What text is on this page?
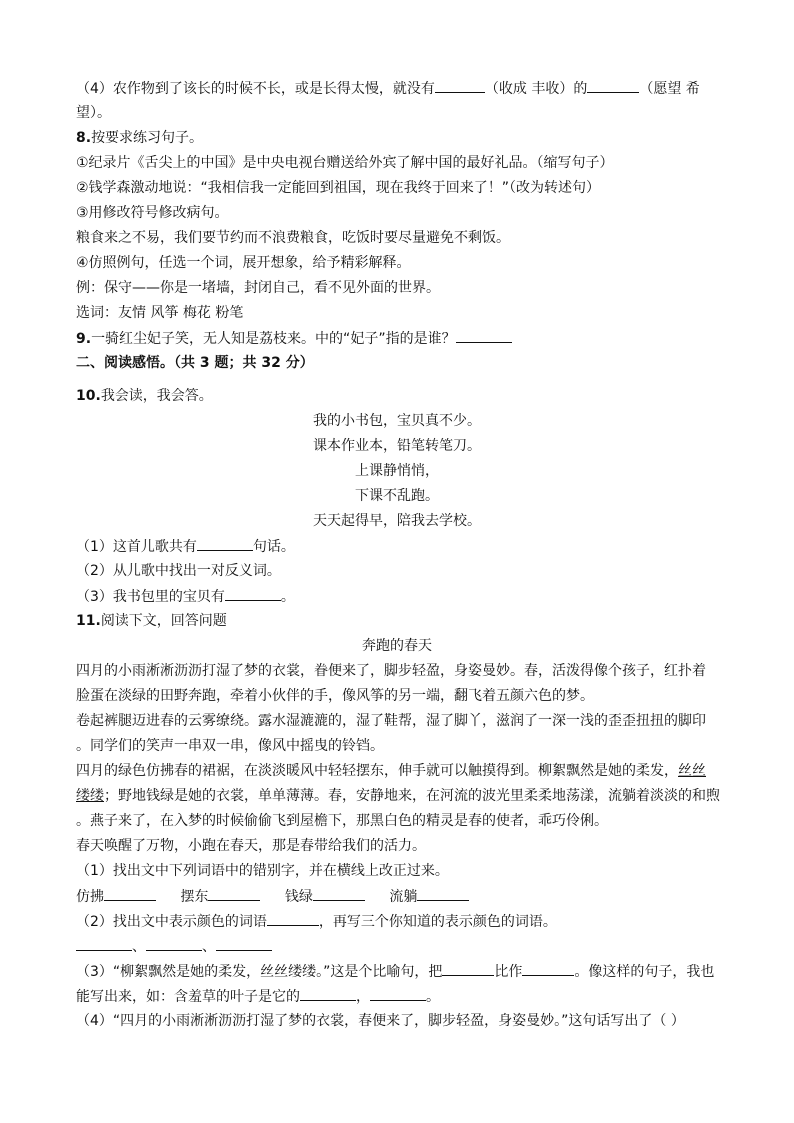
（4）农作物到了该长的时候不长，或是长得太慢，就没有	（收成 丰收）的	（愿望 希
望）。
8.按要求练习句子。
①纪录片《舌尖上的中国》是中央电视台赠送给外宾了解中国的最好礼品。（缩写句子）
②钱学森激动地说：“我相信我一定能回到祖国，现在我终于回来了！”（改为转述句）
③用修改符号修改病句。
粮食来之不易，我们要节约而不浪费粮食，吃饭时要尽量避免不剩饭。
④仿照例句，任选一个词，展开想象，给予精彩解释。
例：保守——你是一堵墙，封闭自己，看不见外面的世界。
选词：友情 风筝 梅花 粉笔
9.一骑红尘妃子笑，无人知是荔枝来。中的“妃子”指的是谁？
二、阅读感悟。（共 3 题；共 32 分）
10.我会读，我会答。
我的小书包，宝贝真不少。
课本作业本，铅笔转笔刀。
上课静悄悄，
下课不乱跑。
天天起得早，陪我去学校。
（1）这首儿歌共有	句话。
（2）从儿歌中找出一对反义词。
（3）我书包里的宝贝有	。
11.阅读下文，回答问题
奔跑的春天
四月的小雨淅淅沥沥打湿了梦的衣裳，眷便来了，脚步轻盈，身姿曼妙。春，活泼得像个孩子，红扑着
脸蛋在淡绿的田野奔跑，牵着小伙伴的手，像风筝的另一端，翻飞着五颜六色的梦。
卷起裤腿迈进春的云雾缭绕。露水湿漉漉的，湿了鞋帮，湿了脚丫，滋润了一深一浅的歪歪扭扭的脚印
。同学们的笑声一串双一串，像风中摇曳的铃铛。
四月的绿色仿拂春的裙裾，在淡淡暖风中轻轻摆东，伸手就可以触摸得到。柳絮飘然是她的柔发，丝丝
缕缕；野地钱绿是她的衣裳，单单薄薄。春，安静地来，在河流的波光里柔柔地荡漾，流躺着淡淡的和煦
。燕子来了，在入梦的时候偷偷飞到屋檐下，那黑白色的精灵是春的使者，乖巧伶俐。
春天唤醒了万物，小跑在春天，那是春带给我们的活力。
（1）找出文中下列词语中的错别字，并在横线上改正过来。
仿拂	摆东	钱绿	流躺
（2）找出文中表示颜色的词语	，再写三个你知道的表示颜色的词语。
、	、
（3）“柳絮飘然是她的柔发，丝丝缕缕。”这是个比喻句，把	比作	。像这样的句子，我也
能写出来，如：含羞草的叶子是它的	，	。
（4）“四月的小雨淅淅沥沥打湿了梦的衣裳，春便来了，脚步轻盈，身姿曼妙。”这句话写出了（ ）
